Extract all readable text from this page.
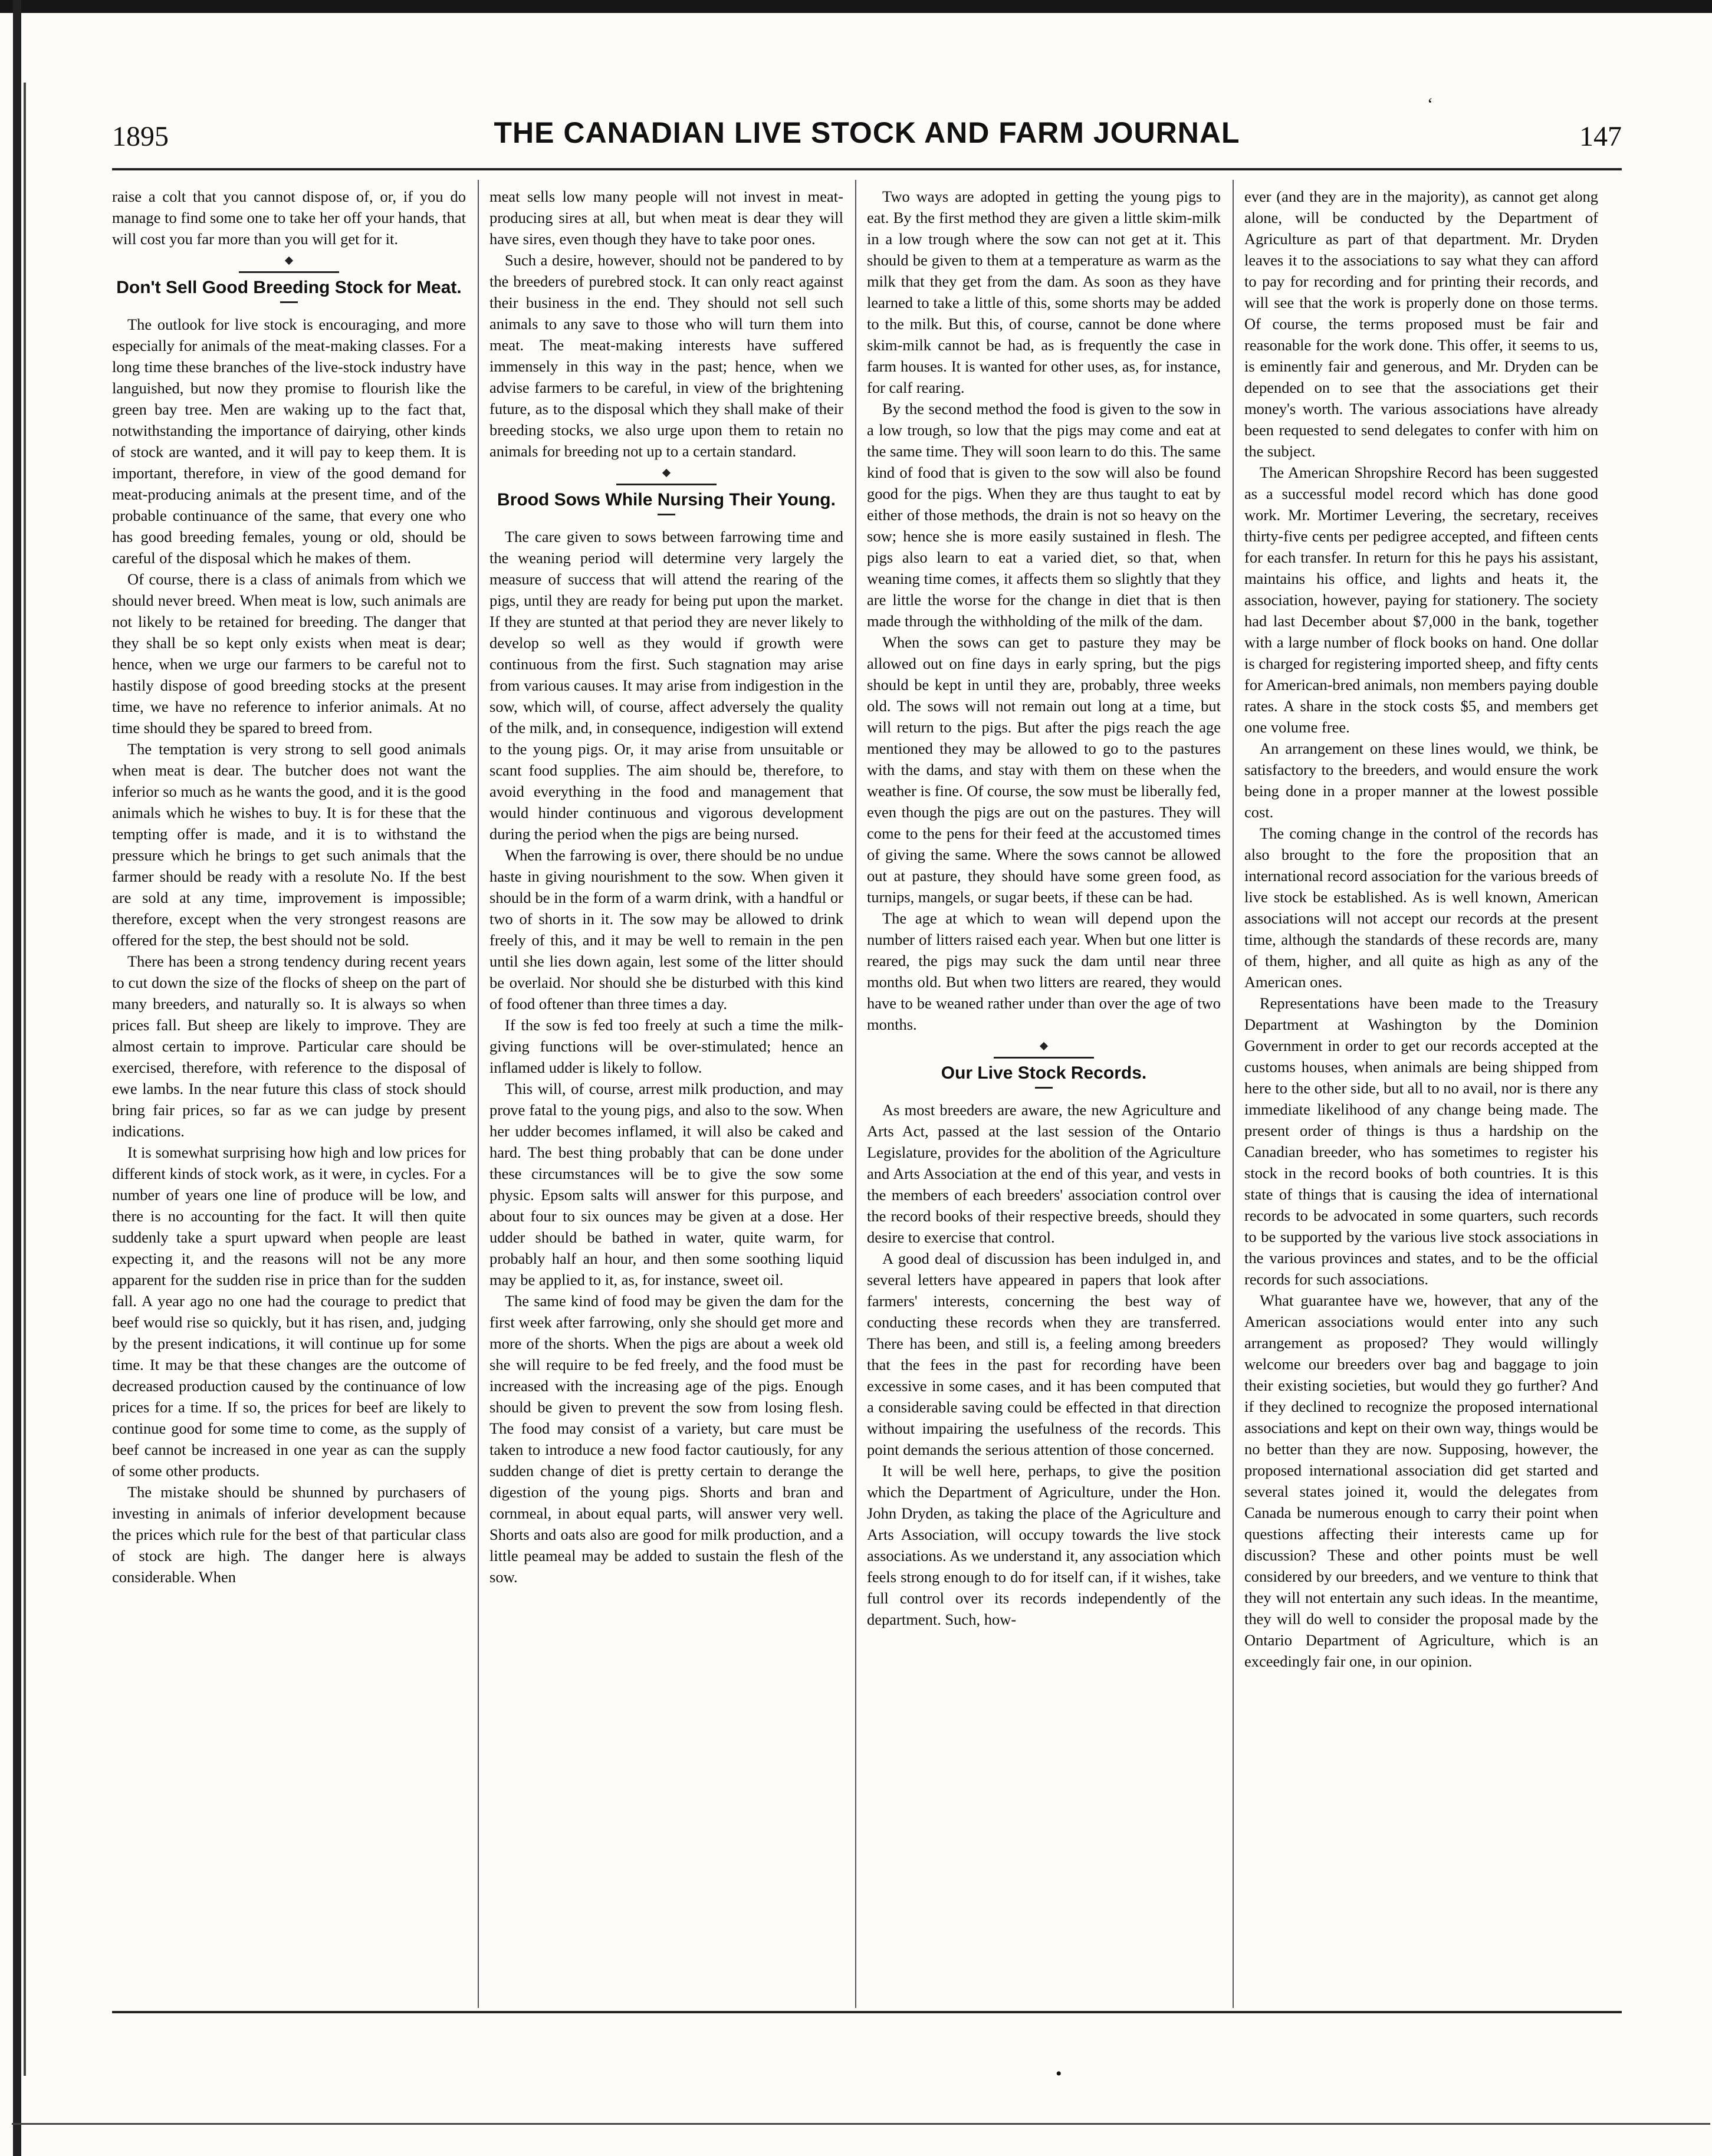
1895	THE CANADIAN LIVE STOCK AND FARM JOURNAL	147

raise a colt that you cannot dispose of, or, if you do manage to find some one to take her off your hands, that will cost you far more than you will get for it.

Don't Sell Good Breeding Stock for Meat.

The outlook for live stock is encouraging, and more especially for animals of the meat-making classes. For a long time these branches of the live-stock industry have languished, but now they promise to flourish like the green bay tree. Men are waking up to the fact that, notwithstanding the importance of dairying, other kinds of stock are wanted, and it will pay to keep them. It is important, therefore, in view of the good demand for meat-producing animals at the present time, and of the probable continuance of the same, that every one who has good breeding females, young or old, should be careful of the disposal which he makes of them.

Of course, there is a class of animals from which we should never breed. When meat is low, such animals are not likely to be retained for breeding. The danger that they shall be so kept only exists when meat is dear; hence, when we urge our farmers to be careful not to hastily dispose of good breeding stocks at the present time, we have no reference to inferior animals. At no time should they be spared to breed from.

The temptation is very strong to sell good animals when meat is dear. The butcher does not want the inferior so much as he wants the good, and it is the good animals which he wishes to buy. It is for these that the tempting offer is made, and it is to withstand the pressure which he brings to get such animals that the farmer should be ready with a resolute No. If the best are sold at any time, improvement is impossible; therefore, except when the very strongest reasons are offered for the step, the best should not be sold.

There has been a strong tendency during recent years to cut down the size of the flocks of sheep on the part of many breeders, and naturally so. It is always so when prices fall. But sheep are likely to improve. They are almost certain to improve. Particular care should be exercised, therefore, with reference to the disposal of ewe lambs. In the near future this class of stock should bring fair prices, so far as we can judge by present indications.

It is somewhat surprising how high and low prices for different kinds of stock work, as it were, in cycles. For a number of years one line of produce will be low, and there is no accounting for the fact. It will then quite suddenly take a spurt upward when people are least expecting it, and the reasons will not be any more apparent for the sudden rise in price than for the sudden fall. A year ago no one had the courage to predict that beef would rise so quickly, but it has risen, and, judging by the present indications, it will continue up for some time. It may be that these changes are the outcome of decreased production caused by the continuance of low prices for a time. If so, the prices for beef are likely to continue good for some time to come, as the supply of beef cannot be increased in one year as can the supply of some other products.

The mistake should be shunned by purchasers of investing in animals of inferior development because the prices which rule for the best of that particular class of stock are high. The danger here is always considerable. When

meat sells low many people will not invest in meat-producing sires at all, but when meat is dear they will have sires, even though they have to take poor ones.

Such a desire, however, should not be pandered to by the breeders of purebred stock. It can only react against their business in the end. They should not sell such animals to any save to those who will turn them into meat. The meat-making interests have suffered immensely in this way in the past; hence, when we advise farmers to be careful, in view of the brightening future, as to the disposal which they shall make of their breeding stocks, we also urge upon them to retain no animals for breeding not up to a certain standard.

Brood Sows While Nursing Their Young.

The care given to sows between farrowing time and the weaning period will determine very largely the measure of success that will attend the rearing of the pigs, until they are ready for being put upon the market. If they are stunted at that period they are never likely to develop so well as they would if growth were continuous from the first. Such stagnation may arise from various causes. It may arise from indigestion in the sow, which will, of course, affect adversely the quality of the milk, and, in consequence, indigestion will extend to the young pigs. Or, it may arise from unsuitable or scant food supplies. The aim should be, therefore, to avoid everything in the food and management that would hinder continuous and vigorous development during the period when the pigs are being nursed.

When the farrowing is over, there should be no undue haste in giving nourishment to the sow. When given it should be in the form of a warm drink, with a handful or two of shorts in it. The sow may be allowed to drink freely of this, and it may be well to remain in the pen until she lies down again, lest some of the litter should be overlaid. Nor should she be disturbed with this kind of food oftener than three times a day.

If the sow is fed too freely at such a time the milk-giving functions will be over-stimulated; hence an inflamed udder is likely to follow.

This will, of course, arrest milk production, and may prove fatal to the young pigs, and also to the sow. When her udder becomes inflamed, it will also be caked and hard. The best thing probably that can be done under these circumstances will be to give the sow some physic. Epsom salts will answer for this purpose, and about four to six ounces may be given at a dose. Her udder should be bathed in water, quite warm, for probably half an hour, and then some soothing liquid may be applied to it, as, for instance, sweet oil.

The same kind of food may be given the dam for the first week after farrowing, only she should get more and more of the shorts. When the pigs are about a week old she will require to be fed freely, and the food must be increased with the increasing age of the pigs. Enough should be given to prevent the sow from losing flesh. The food may consist of a variety, but care must be taken to introduce a new food factor cautiously, for any sudden change of diet is pretty certain to derange the digestion of the young pigs. Shorts and bran and cornmeal, in about equal parts, will answer very well. Shorts and oats also are good for milk production, and a little peameal may be added to sustain the flesh of the sow.

Two ways are adopted in getting the young pigs to eat. By the first method they are given a little skim-milk in a low trough where the sow can not get at it. This should be given to them at a temperature as warm as the milk that they get from the dam. As soon as they have learned to take a little of this, some shorts may be added to the milk. But this, of course, cannot be done where skim-milk cannot be had, as is frequently the case in farm houses. It is wanted for other uses, as, for instance, for calf rearing.

By the second method the food is given to the sow in a low trough, so low that the pigs may come and eat at the same time. They will soon learn to do this. The same kind of food that is given to the sow will also be found good for the pigs. When they are thus taught to eat by either of those methods, the drain is not so heavy on the sow; hence she is more easily sustained in flesh. The pigs also learn to eat a varied diet, so that, when weaning time comes, it affects them so slightly that they are little the worse for the change in diet that is then made through the withholding of the milk of the dam.

When the sows can get to pasture they may be allowed out on fine days in early spring, but the pigs should be kept in until they are, probably, three weeks old. The sows will not remain out long at a time, but will return to the pigs. But after the pigs reach the age mentioned they may be allowed to go to the pastures with the dams, and stay with them on these when the weather is fine. Of course, the sow must be liberally fed, even though the pigs are out on the pastures. They will come to the pens for their feed at the accustomed times of giving the same. Where the sows cannot be allowed out at pasture, they should have some green food, as turnips, mangels, or sugar beets, if these can be had.

The age at which to wean will depend upon the number of litters raised each year. When but one litter is reared, the pigs may suck the dam until near three months old. But when two litters are reared, they would have to be weaned rather under than over the age of two months.

Our Live Stock Records.

As most breeders are aware, the new Agriculture and Arts Act, passed at the last session of the Ontario Legislature, provides for the abolition of the Agriculture and Arts Association at the end of this year, and vests in the members of each breeders' association control over the record books of their respective breeds, should they desire to exercise that control.

A good deal of discussion has been indulged in, and several letters have appeared in papers that look after farmers' interests, concerning the best way of conducting these records when they are transferred. There has been, and still is, a feeling among breeders that the fees in the past for recording have been excessive in some cases, and it has been computed that a considerable saving could be effected in that direction without impairing the usefulness of the records. This point demands the serious attention of those concerned.

It will be well here, perhaps, to give the position which the Department of Agriculture, under the Hon. John Dryden, as taking the place of the Agriculture and Arts Association, will occupy towards the live stock associations. As we understand it, any association which feels strong enough to do for itself can, if it wishes, take full control over its records independently of the department. Such, how-

ever (and they are in the majority), as cannot get along alone, will be conducted by the Department of Agriculture as part of that department. Mr. Dryden leaves it to the associations to say what they can afford to pay for recording and for printing their records, and will see that the work is properly done on those terms. Of course, the terms proposed must be fair and reasonable for the work done. This offer, it seems to us, is eminently fair and generous, and Mr. Dryden can be depended on to see that the associations get their money's worth. The various associations have already been requested to send delegates to confer with him on the subject.

The American Shropshire Record has been suggested as a successful model record which has done good work. Mr. Mortimer Levering, the secretary, receives thirty-five cents per pedigree accepted, and fifteen cents for each transfer. In return for this he pays his assistant, maintains his office, and lights and heats it, the association, however, paying for stationery. The society had last December about $7,000 in the bank, together with a large number of flock books on hand. One dollar is charged for registering imported sheep, and fifty cents for American-bred animals, non members paying double rates. A share in the stock costs $5, and members get one volume free.

An arrangement on these lines would, we think, be satisfactory to the breeders, and would ensure the work being done in a proper manner at the lowest possible cost.

The coming change in the control of the records has also brought to the fore the proposition that an international record association for the various breeds of live stock be established. As is well known, American associations will not accept our records at the present time, although the standards of these records are, many of them, higher, and all quite as high as any of the American ones.

Representations have been made to the Treasury Department at Washington by the Dominion Government in order to get our records accepted at the customs houses, when animals are being shipped from here to the other side, but all to no avail, nor is there any immediate likelihood of any change being made. The present order of things is thus a hardship on the Canadian breeder, who has sometimes to register his stock in the record books of both countries. It is this state of things that is causing the idea of international records to be advocated in some quarters, such records to be supported by the various live stock associations in the various provinces and states, and to be the official records for such associations.

What guarantee have we, however, that any of the American associations would enter into any such arrangement as proposed? They would willingly welcome our breeders over bag and baggage to join their existing societies, but would they go further? And if they declined to recognize the proposed international associations and kept on their own way, things would be no better than they are now. Supposing, however, the proposed international association did get started and several states joined it, would the delegates from Canada be numerous enough to carry their point when questions affecting their interests came up for discussion? These and other points must be well considered by our breeders, and we venture to think that they will not entertain any such ideas. In the meantime, they will do well to consider the proposal made by the Ontario Department of Agriculture, which is an exceedingly fair one, in our opinion.

‘
•
